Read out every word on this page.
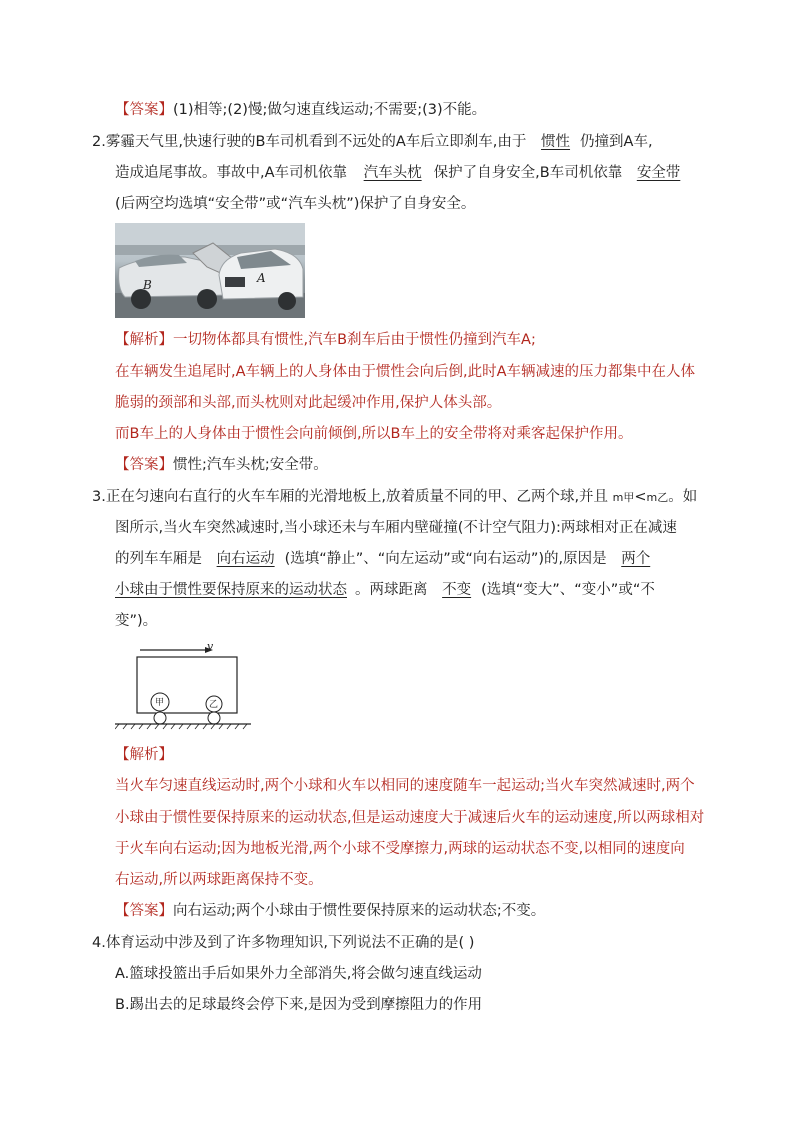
【答案】(1)相等;(2)慢;做匀速直线运动;不需要;(3)不能。
2.雾霾天气里,快速行驶的B车司机看到不远处的A车后立即刹车,由于 惯性 仍撞到A车,
造成追尾事故。事故中,A车司机依靠 汽车头枕 保护了自身安全,B车司机依靠 安全带
(后两空均选填“安全带”或“汽车头枕”)保护了自身安全。
B	A
【解析】一切物体都具有惯性,汽车B刹车后由于惯性仍撞到汽车A;
在车辆发生追尾时,A车辆上的人身体由于惯性会向后倒,此时A车辆减速的压力都集中在人体
脆弱的颈部和头部,而头枕则对此起缓冲作用,保护人体头部。
而B车上的人身体由于惯性会向前倾倒,所以B车上的安全带将对乘客起保护作用。
【答案】惯性;汽车头枕;安全带。
3.正在匀速向右直行的火车车厢的光滑地板上,放着质量不同的甲、乙两个球,并且 m甲<m乙。如
图所示,当火车突然减速时,当小球还未与车厢内壁碰撞(不计空气阻力):两球相对正在减速
的列车车厢是 向右运动 (选填“静止”、“向左运动”或“向右运动”)的,原因是 两个
小球由于惯性要保持原来的运动状态 。两球距离 不变 (选填“变大”、“变小”或“不
变”)。
v
甲	乙
【解析】
当火车匀速直线运动时,两个小球和火车以相同的速度随车一起运动;当火车突然减速时,两个
小球由于惯性要保持原来的运动状态,但是运动速度大于减速后火车的运动速度,所以两球相对
于火车向右运动;因为地板光滑,两个小球不受摩擦力,两球的运动状态不变,以相同的速度向
右运动,所以两球距离保持不变。
【答案】向右运动;两个小球由于惯性要保持原来的运动状态;不变。
4.体育运动中涉及到了许多物理知识,下列说法不正确的是( )
A.篮球投篮出手后如果外力全部消失,将会做匀速直线运动
B.踢出去的足球最终会停下来,是因为受到摩擦阻力的作用
